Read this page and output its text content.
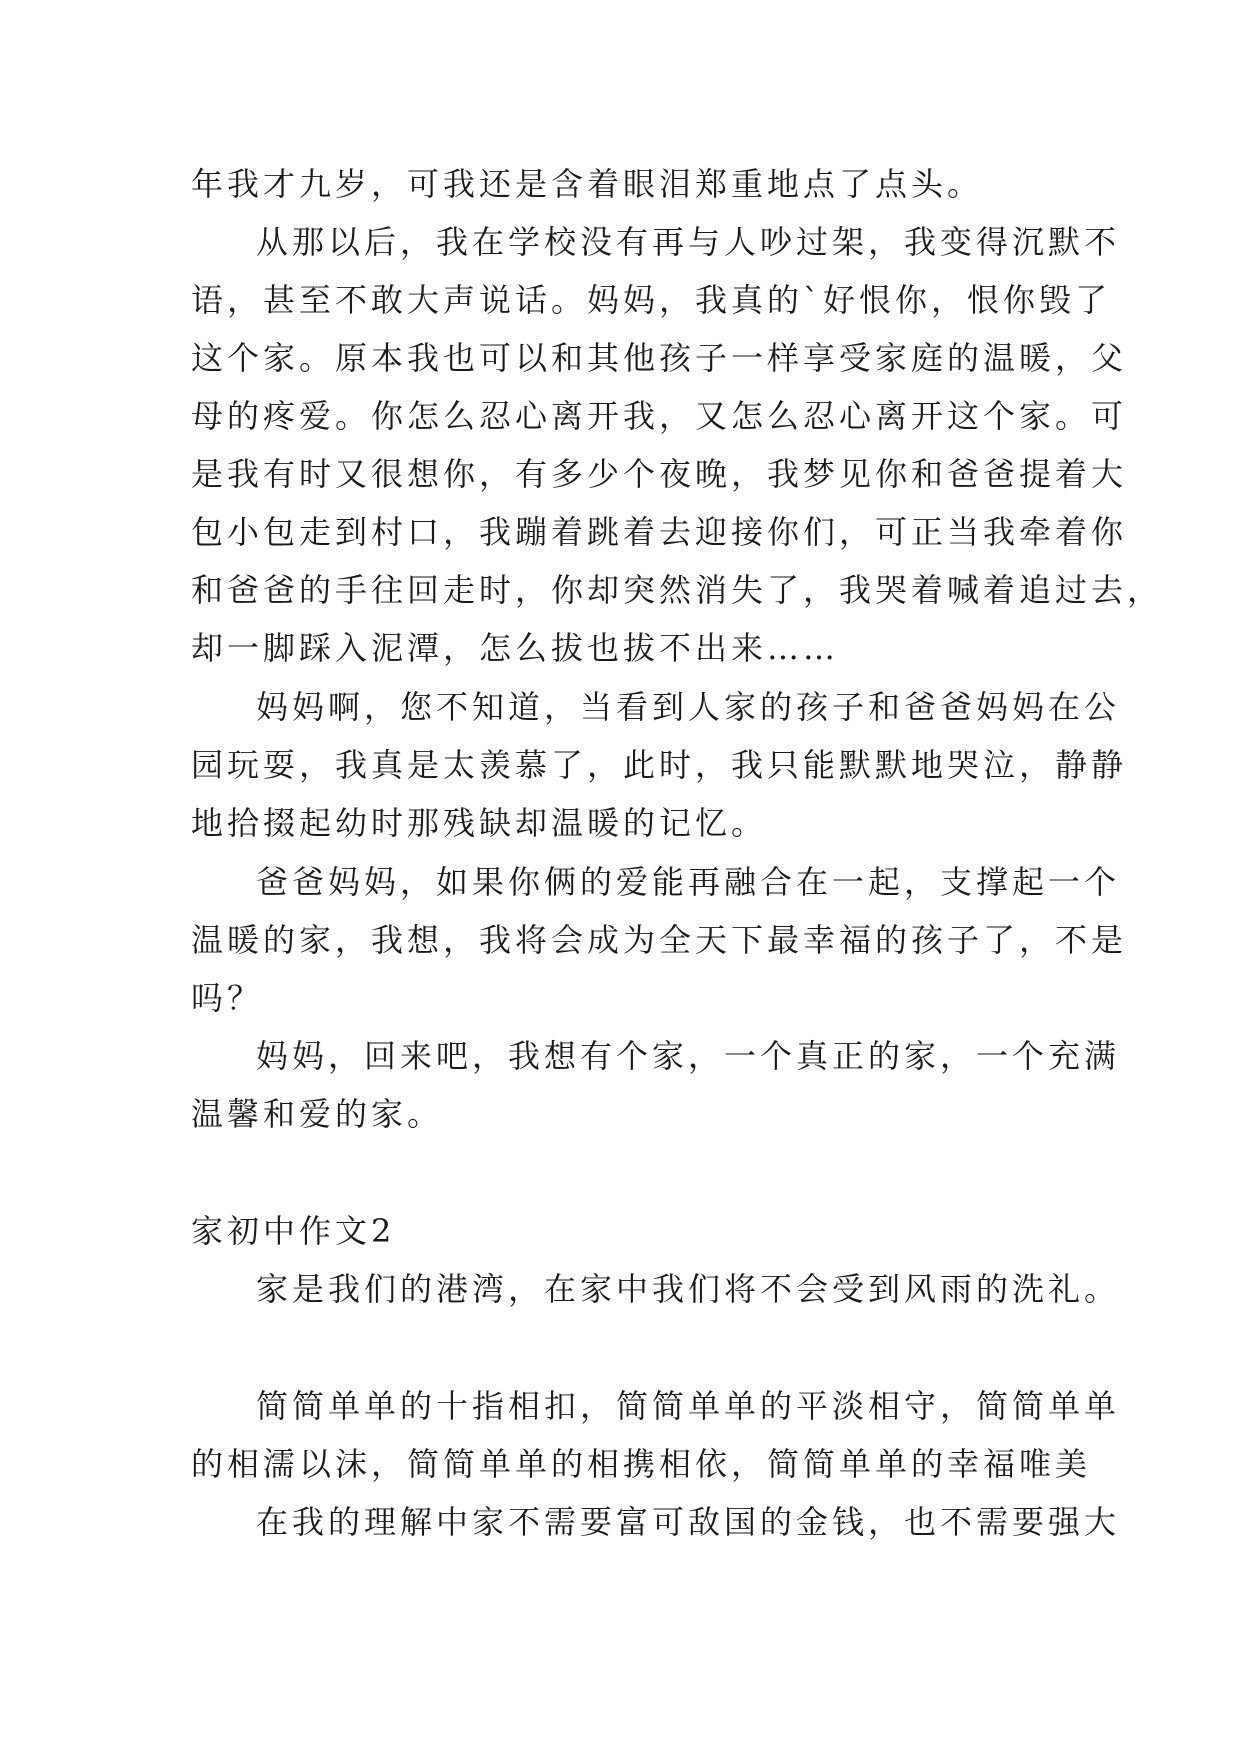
年我才九岁，可我还是含着眼泪郑重地点了点头。
从那以后，我在学校没有再与人吵过架，我变得沉默不
语，甚至不敢大声说话。妈妈，我真的`好恨你，恨你毁了
这个家。原本我也可以和其他孩子一样享受家庭的温暖，父
母的疼爱。你怎么忍心离开我，又怎么忍心离开这个家。可
是我有时又很想你，有多少个夜晚，我梦见你和爸爸提着大
包小包走到村口，我蹦着跳着去迎接你们，可正当我牵着你
和爸爸的手往回走时，你却突然消失了，我哭着喊着追过去，
却一脚踩入泥潭，怎么拔也拔不出来……
妈妈啊，您不知道，当看到人家的孩子和爸爸妈妈在公
园玩耍，我真是太羡慕了，此时，我只能默默地哭泣，静静
地拾掇起幼时那残缺却温暖的记忆。
爸爸妈妈，如果你俩的爱能再融合在一起，支撑起一个
温暖的家，我想，我将会成为全天下最幸福的孩子了，不是
吗？
妈妈，回来吧，我想有个家，一个真正的家，一个充满
温馨和爱的家。
家初中作文2
家是我们的港湾，在家中我们将不会受到风雨的洗礼。
简简单单的十指相扣，简简单单的平淡相守，简简单单
的相濡以沫，简简单单的相携相依，简简单单的幸福唯美
在我的理解中家不需要富可敌国的金钱，也不需要强大
